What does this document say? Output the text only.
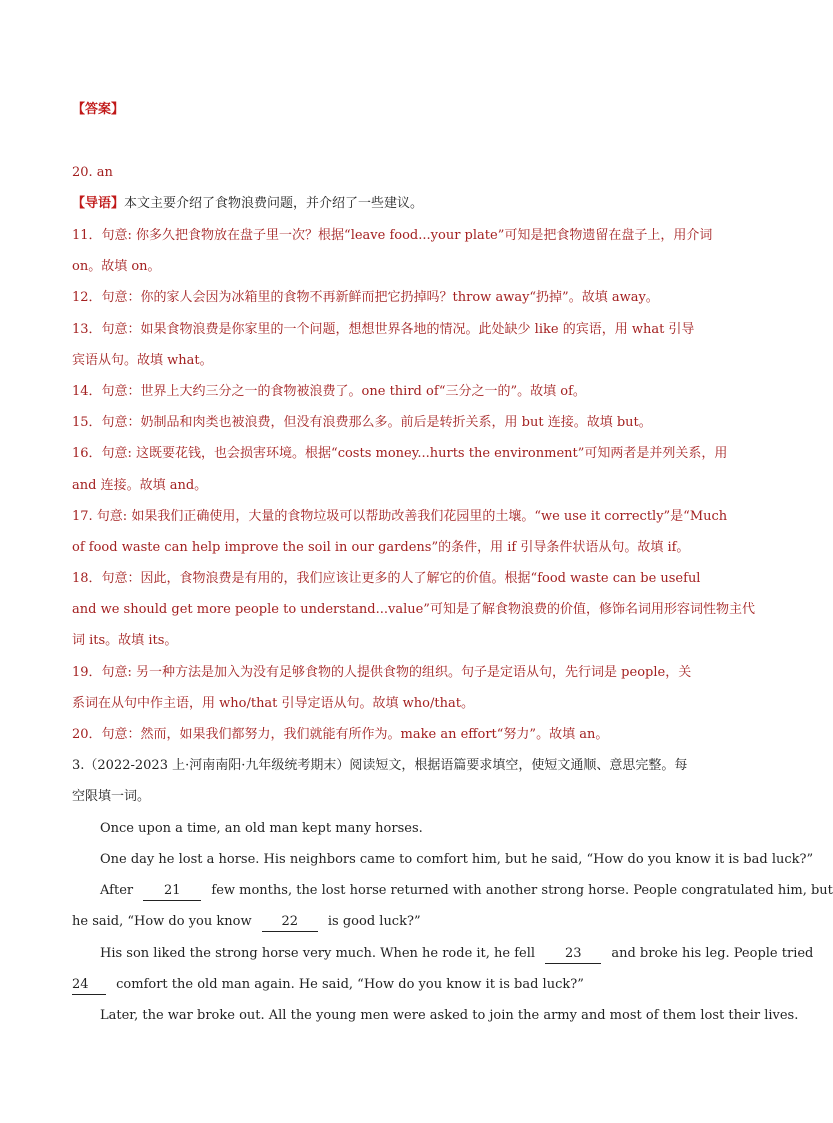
【答案】
20. an
【导语】本文主要介绍了食物浪费问题，并介绍了一些建议。
11．句意: 你多久把食物放在盘子里一次？根据“leave food...your plate”可知是把食物遗留在盘子上，用介词
on。故填 on。
12．句意：你的家人会因为冰箱里的食物不再新鲜而把它扔掉吗？throw away“扔掉”。故填 away。
13．句意：如果食物浪费是你家里的一个问题，想想世界各地的情况。此处缺少 like 的宾语，用 what 引导
宾语从句。故填 what。
14．句意：世界上大约三分之一的食物被浪费了。one third of“三分之一的”。故填 of。
15．句意：奶制品和肉类也被浪费，但没有浪费那么多。前后是转折关系，用 but 连接。故填 but。
16．句意: 这既要花钱，也会损害环境。根据“costs money...hurts the environment”可知两者是并列关系，用
and 连接。故填 and。
17. 句意: 如果我们正确使用，大量的食物垃圾可以帮助改善我们花园里的土壤。“we use it correctly”是“Much
of food waste can help improve the soil in our gardens”的条件，用 if 引导条件状语从句。故填 if。
18．句意：因此，食物浪费是有用的，我们应该让更多的人了解它的价值。根据“food waste can be useful
and we should get more people to understand...value”可知是了解食物浪费的价值，修饰名词用形容词性物主代
词 its。故填 its。
19．句意: 另一种方法是加入为没有足够食物的人提供食物的组织。句子是定语从句，先行词是 people，关
系词在从句中作主语，用 who/that 引导定语从句。故填 who/that。
20．句意：然而，如果我们都努力，我们就能有所作为。make an effort“努力”。故填 an。
3.（2022-2023 上·河南南阳·九年级统考期末）阅读短文，根据语篇要求填空，使短文通顺、意思完整。每
空限填一词。
Once upon a time, an old man kept many horses.
One day he lost a horse. His neighbors came to comfort him, but he said, “How do you know it is bad luck?”
After 21 few months, the lost horse returned with another strong horse. People congratulated him, but
he said, “How do you know 22 is good luck?”
His son liked the strong horse very much. When he rode it, he fell 23 and broke his leg. People tried
24 comfort the old man again. He said, “How do you know it is bad luck?”
Later, the war broke out. All the young men were asked to join the army and most of them lost their lives.
